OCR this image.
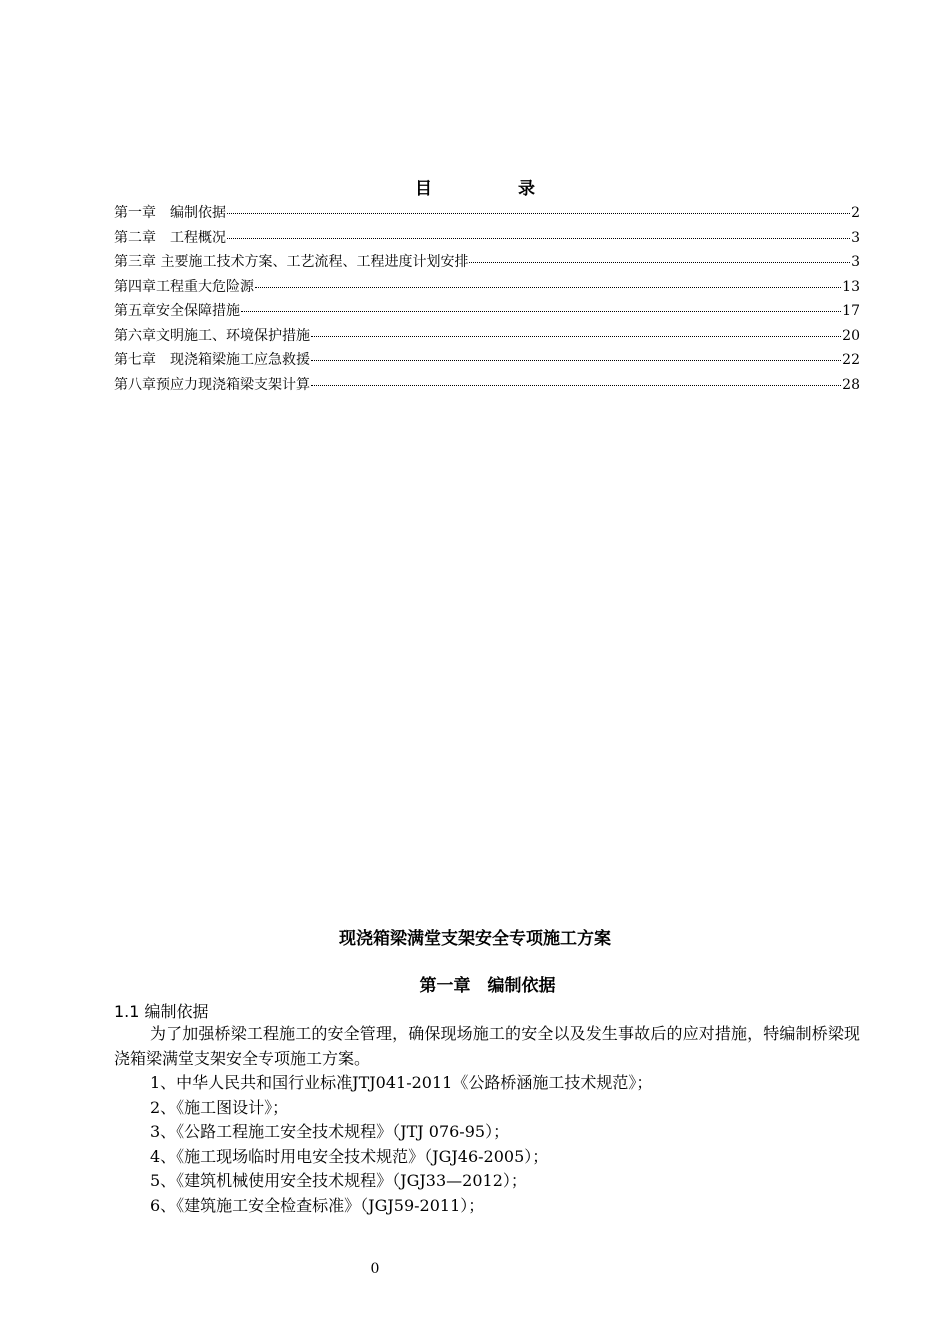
目 录
第一章　编制依据	2
第二章　工程概况	3
第三章 主要施工技术方案、工艺流程、工程进度计划安排	3
第四章工程重大危险源	13
第五章安全保障措施	17
第六章文明施工、环境保护措施	20
第七章　现浇箱梁施工应急救援	22
第八章预应力现浇箱梁支架计算	28
现浇箱梁满堂支架安全专项施工方案
第一章　编制依据
1.1 编制依据

为了加强桥梁工程施工的安全管理，确保现场施工的安全以及发生事故后的应对措施，特编制桥梁现浇箱梁满堂支架安全专项施工方案。

1、中华人民共和国行业标准JTJ041-2011《公路桥涵施工技术规范》；

2、《施工图设计》；

3、《公路工程施工安全技术规程》（JTJ 076-95）；

4、《施工现场临时用电安全技术规范》（JGJ46-2005）；

5、《建筑机械使用安全技术规程》（JGJ33—2012）；

6、《建筑施工安全检查标准》（JGJ59-2011）；

0
